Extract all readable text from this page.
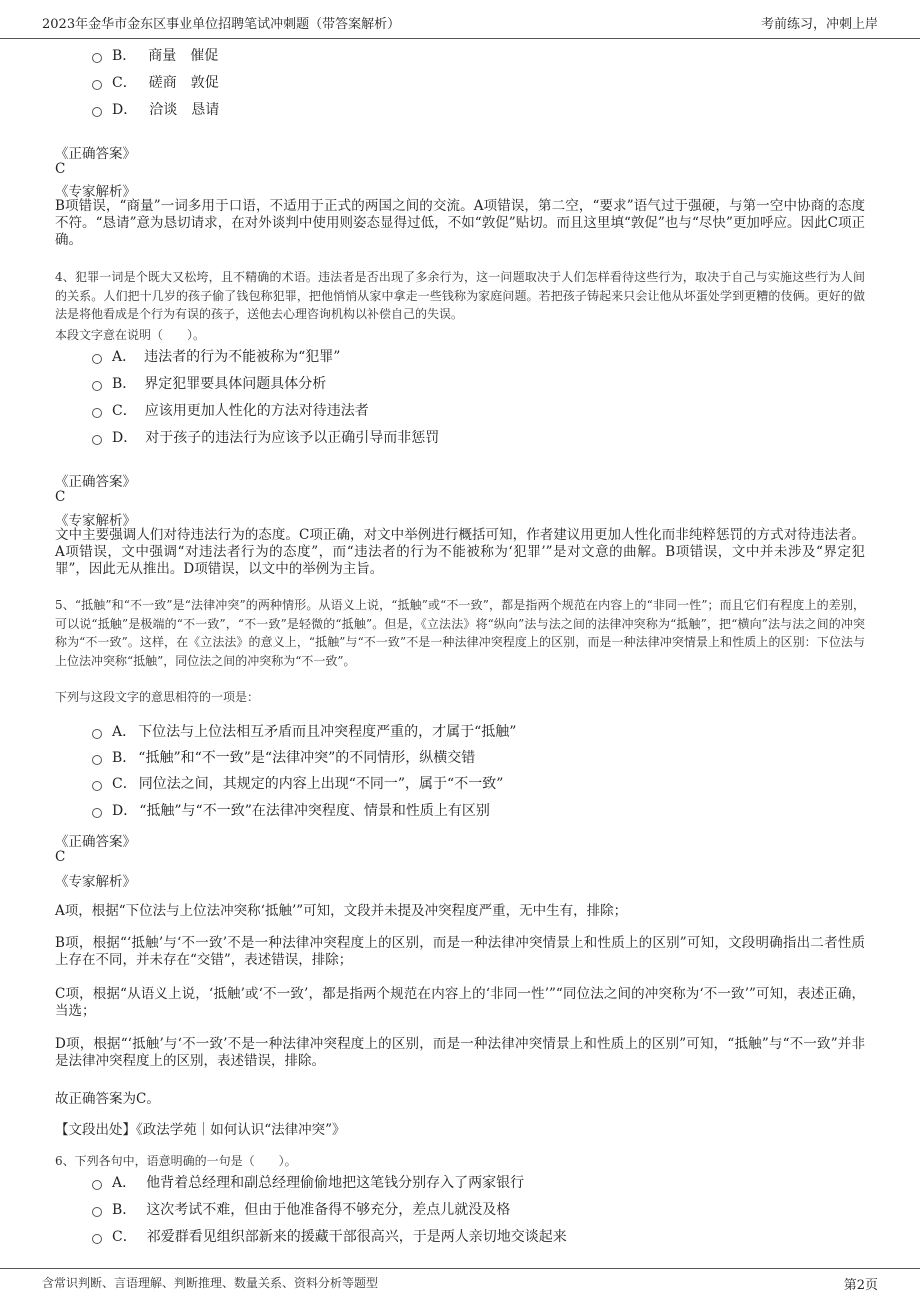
2023年金华市金东区事业单位招聘笔试冲刺题（带答案解析）	考前练习，冲刺上岸
B． 商量　催促
C． 磋商　敦促
D． 洽谈　恳请
《正确答案》
C
《专家解析》
B项错误，“商量”一词多用于口语，不适用于正式的两国之间的交流。A项错误，第二空，“要求”语气过于强硬，与第一空中协商的态度不符。“恳请”意为恳切请求，在对外谈判中使用则姿态显得过低，不如“敦促”贴切。而且这里填“敦促”也与“尽快”更加呼应。因此C项正确。
4、犯罪一词是个既大又松垮，且不精确的术语。违法者是否出现了多余行为，这一问题取决于人们怎样看待这些行为，取决于自己与实施这些行为人间的关系。人们把十几岁的孩子偷了钱包称犯罪，把他悄悄从家中拿走一些钱称为家庭问题。若把孩子铸起来只会让他从坏蛋处学到更糟的伎俩。更好的做法是将他看成是个行为有误的孩子，送他去心理咨询机构以补偿自己的失误。
本段文字意在说明（　　）。
A． 违法者的行为不能被称为“犯罪”
B． 界定犯罪要具体问题具体分析
C． 应该用更加人性化的方法对待违法者
D． 对于孩子的违法行为应该予以正确引导而非惩罚
《正确答案》
C
《专家解析》
文中主要强调人们对待违法行为的态度。C项正确，对文中举例进行概括可知，作者建议用更加人性化而非纯粹惩罚的方式对待违法者。A项错误，文中强调“对违法者行为的态度”，而“违法者的行为不能被称为‘犯罪’”是对文意的曲解。B项错误，文中并未涉及“界定犯罪”，因此无从推出。D项错误，以文中的举例为主旨。
5、“抵触”和“不一致”是“法律冲突”的两种情形。从语义上说，“抵触”或“不一致”，都是指两个规范在内容上的“非同一性”；而且它们有程度上的差别，可以说“抵触”是极端的“不一致”，“不一致”是轻微的“抵触”。但是，《立法法》将“纵向”法与法之间的法律冲突称为“抵触”，把“横向”法与法之间的冲突称为“不一致”。这样，在《立法法》的意义上，“抵触”与“不一致”不是一种法律冲突程度上的区别，而是一种法律冲突情景上和性质上的区别：下位法与上位法冲突称“抵触”，同位法之间的冲突称为“不一致”。
下列与这段文字的意思相符的一项是：
A． 下位法与上位法相互矛盾而且冲突程度严重的，才属于“抵触”
B． “抵触”和“不一致”是“法律冲突”的不同情形，纵横交错
C． 同位法之间，其规定的内容上出现“不同一”，属于“不一致”
D． “抵触”与“不一致”在法律冲突程度、情景和性质上有区别
《正确答案》
C
《专家解析》
A项，根据“下位法与上位法冲突称‘抵触’”可知，文段并未提及冲突程度严重，无中生有，排除；
B项，根据“‘抵触’与‘不一致’不是一种法律冲突程度上的区别，而是一种法律冲突情景上和性质上的区别”可知，文段明确指出二者性质上存在不同，并未存在“交错”，表述错误，排除；
C项，根据“从语义上说，‘抵触’或‘不一致’，都是指两个规范在内容上的‘非同一性’”“同位法之间的冲突称为‘不一致’”可知，表述正确，当选；
D项，根据“‘抵触’与‘不一致’不是一种法律冲突程度上的区别，而是一种法律冲突情景上和性质上的区别”可知，“抵触”与“不一致”并非是法律冲突程度上的区别，表述错误，排除。
故正确答案为C。
【文段出处】《政法学苑｜如何认识“法律冲突”》
6、下列各句中，语意明确的一句是（　　）。
A． 他背着总经理和副总经理偷偷地把这笔钱分别存入了两家银行
B． 这次考试不难，但由于他准备得不够充分，差点儿就没及格
C． 祁爱群看见组织部新来的援藏干部很高兴，于是两人亲切地交谈起来
含常识判断、言语理解、判断推理、数量关系、资料分析等题型	第2页
